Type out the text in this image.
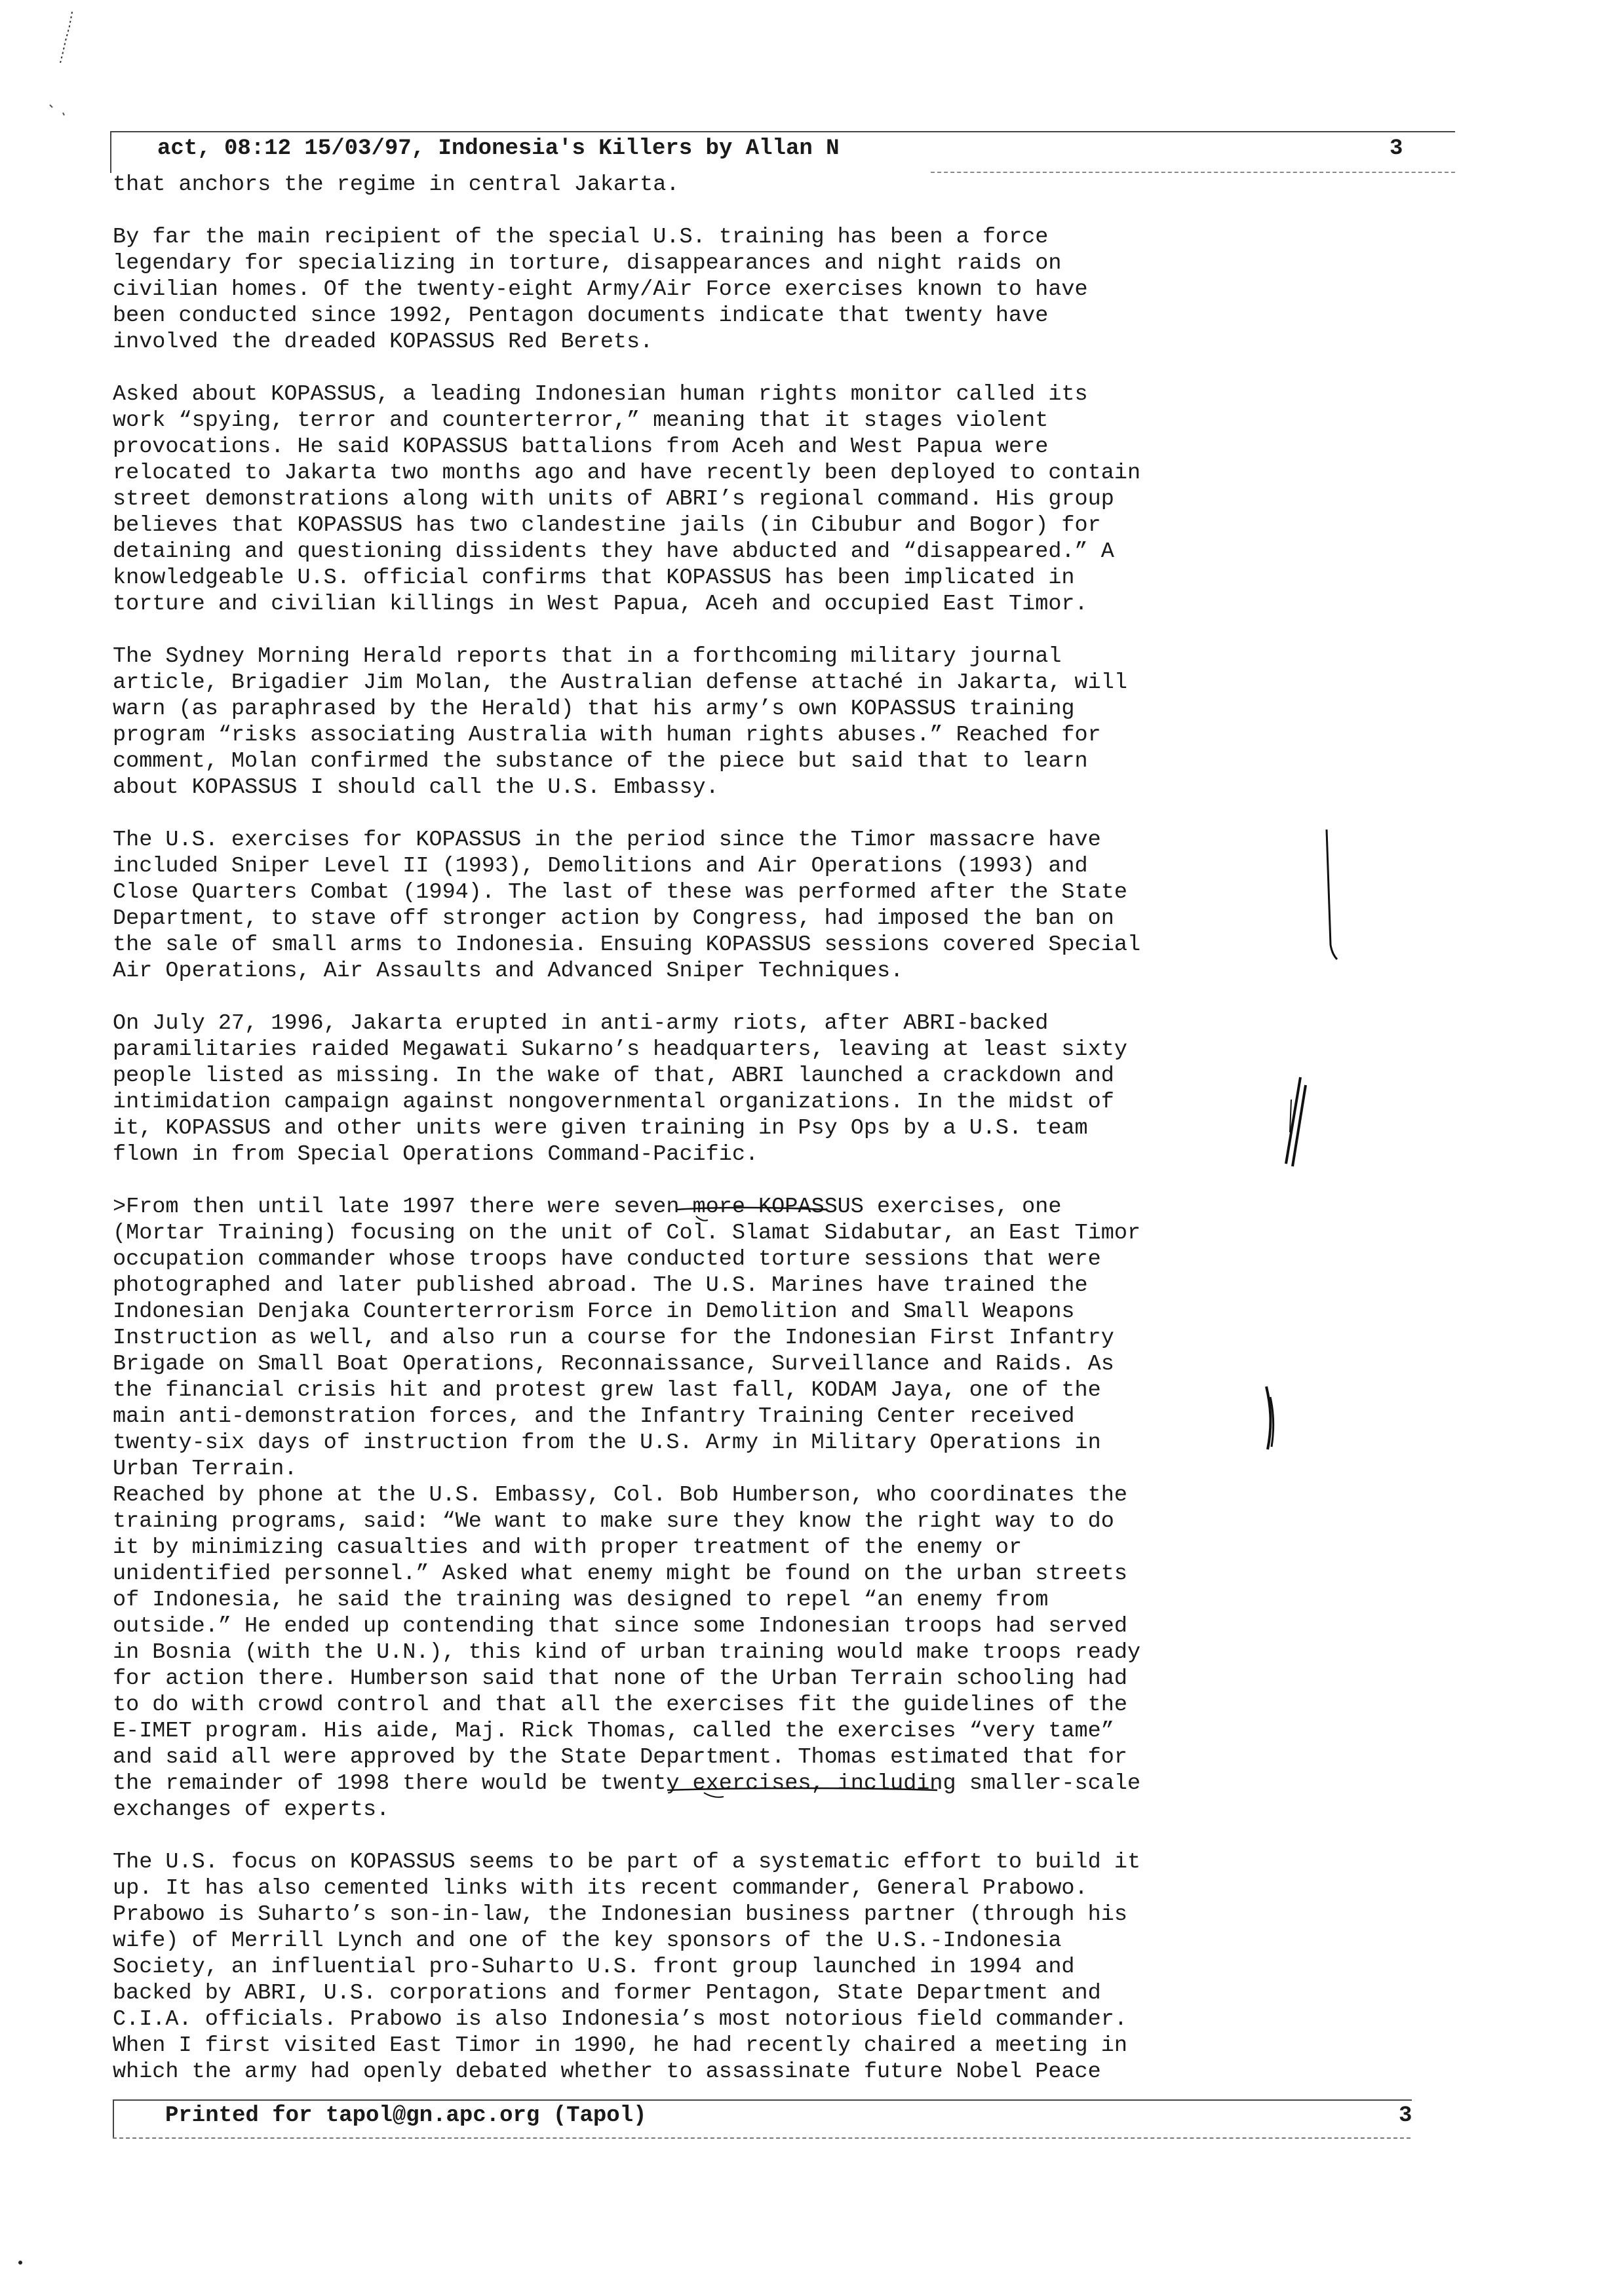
act, 08:12 15/03/97, Indonesia's Killers by Allan N	3
that anchors the regime in central Jakarta.
By far the main recipient of the special U.S. training has been a force
legendary for specializing in torture, disappearances and night raids on
civilian homes. Of the twenty-eight Army/Air Force exercises known to have
been conducted since 1992, Pentagon documents indicate that twenty have
involved the dreaded KOPASSUS Red Berets.
Asked about KOPASSUS, a leading Indonesian human rights monitor called its
work “spying, terror and counterterror,” meaning that it stages violent
provocations. He said KOPASSUS battalions from Aceh and West Papua were
relocated to Jakarta two months ago and have recently been deployed to contain
street demonstrations along with units of ABRI’s regional command. His group
believes that KOPASSUS has two clandestine jails (in Cibubur and Bogor) for
detaining and questioning dissidents they have abducted and “disappeared.” A
knowledgeable U.S. official confirms that KOPASSUS has been implicated in
torture and civilian killings in West Papua, Aceh and occupied East Timor.
The Sydney Morning Herald reports that in a forthcoming military journal
article, Brigadier Jim Molan, the Australian defense attaché in Jakarta, will
warn (as paraphrased by the Herald) that his army’s own KOPASSUS training
program “risks associating Australia with human rights abuses.” Reached for
comment, Molan confirmed the substance of the piece but said that to learn
about KOPASSUS I should call the U.S. Embassy.
The U.S. exercises for KOPASSUS in the period since the Timor massacre have
included Sniper Level II (1993), Demolitions and Air Operations (1993) and
Close Quarters Combat (1994). The last of these was performed after the State
Department, to stave off stronger action by Congress, had imposed the ban on
the sale of small arms to Indonesia. Ensuing KOPASSUS sessions covered Special
Air Operations, Air Assaults and Advanced Sniper Techniques.
On July 27, 1996, Jakarta erupted in anti-army riots, after ABRI-backed
paramilitaries raided Megawati Sukarno’s headquarters, leaving at least sixty
people listed as missing. In the wake of that, ABRI launched a crackdown and
intimidation campaign against nongovernmental organizations. In the midst of
it, KOPASSUS and other units were given training in Psy Ops by a U.S. team
flown in from Special Operations Command-Pacific.
>From then until late 1997 there were seven more KOPASSUS exercises, one
(Mortar Training) focusing on the unit of Col. Slamat Sidabutar, an East Timor
occupation commander whose troops have conducted torture sessions that were
photographed and later published abroad. The U.S. Marines have trained the
Indonesian Denjaka Counterterrorism Force in Demolition and Small Weapons
Instruction as well, and also run a course for the Indonesian First Infantry
Brigade on Small Boat Operations, Reconnaissance, Surveillance and Raids. As
the financial crisis hit and protest grew last fall, KODAM Jaya, one of the
main anti-demonstration forces, and the Infantry Training Center received
twenty-six days of instruction from the U.S. Army in Military Operations in
Urban Terrain.
Reached by phone at the U.S. Embassy, Col. Bob Humberson, who coordinates the
training programs, said: “We want to make sure they know the right way to do
it by minimizing casualties and with proper treatment of the enemy or
unidentified personnel.” Asked what enemy might be found on the urban streets
of Indonesia, he said the training was designed to repel “an enemy from
outside.” He ended up contending that since some Indonesian troops had served
in Bosnia (with the U.N.), this kind of urban training would make troops ready
for action there. Humberson said that none of the Urban Terrain schooling had
to do with crowd control and that all the exercises fit the guidelines of the
E-IMET program. His aide, Maj. Rick Thomas, called the exercises “very tame”
and said all were approved by the State Department. Thomas estimated that for
the remainder of 1998 there would be twenty exercises, including smaller-scale
exchanges of experts.
The U.S. focus on KOPASSUS seems to be part of a systematic effort to build it
up. It has also cemented links with its recent commander, General Prabowo.
Prabowo is Suharto’s son-in-law, the Indonesian business partner (through his
wife) of Merrill Lynch and one of the key sponsors of the U.S.-Indonesia
Society, an influential pro-Suharto U.S. front group launched in 1994 and
backed by ABRI, U.S. corporations and former Pentagon, State Department and
C.I.A. officials. Prabowo is also Indonesia’s most notorious field commander.
When I first visited East Timor in 1990, he had recently chaired a meeting in
which the army had openly debated whether to assassinate future Nobel Peace
Printed for tapol@gn.apc.org (Tapol)	3
